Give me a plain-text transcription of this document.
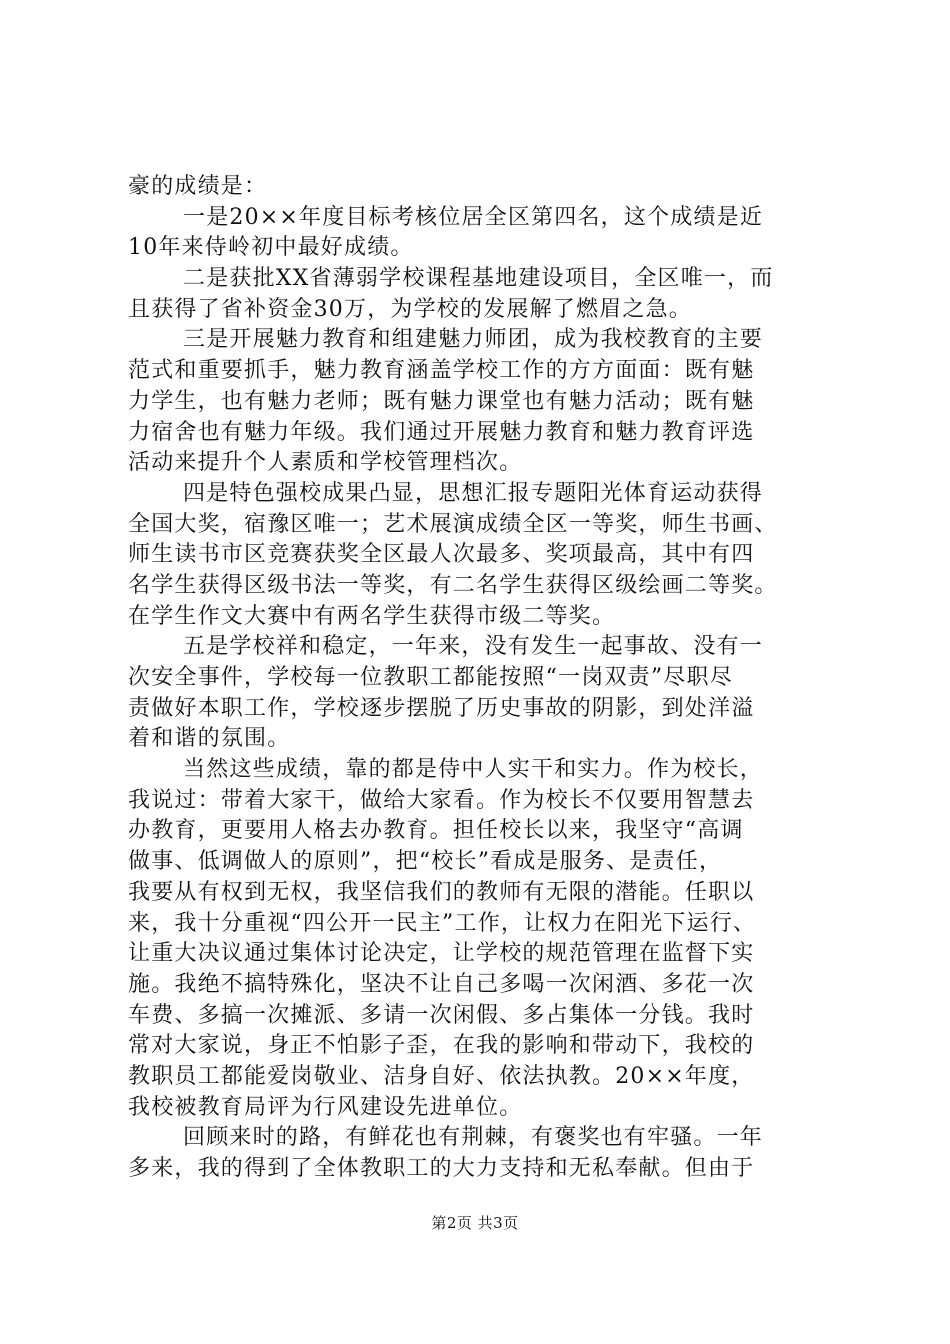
豪的成绩是：
一是20××年度目标考核位居全区第四名，这个成绩是近
10年来侍岭初中最好成绩。
二是获批XX省薄弱学校课程基地建设项目，全区唯一，而
且获得了省补资金30万，为学校的发展解了燃眉之急。
三是开展魅力教育和组建魅力师团，成为我校教育的主要
范式和重要抓手，魅力教育涵盖学校工作的方方面面：既有魅
力学生，也有魅力老师；既有魅力课堂也有魅力活动；既有魅
力宿舍也有魅力年级。我们通过开展魅力教育和魅力教育评选
活动来提升个人素质和学校管理档次。
四是特色强校成果凸显，思想汇报专题阳光体育运动获得
全国大奖，宿豫区唯一；艺术展演成绩全区一等奖，师生书画、
师生读书市区竞赛获奖全区最人次最多、奖项最高，其中有四
名学生获得区级书法一等奖，有二名学生获得区级绘画二等奖。
在学生作文大赛中有两名学生获得市级二等奖。
五是学校祥和稳定，一年来，没有发生一起事故、没有一
次安全事件，学校每一位教职工都能按照“一岗双责”尽职尽
责做好本职工作，学校逐步摆脱了历史事故的阴影，到处洋溢
着和谐的氛围。
当然这些成绩，靠的都是侍中人实干和实力。作为校长，
我说过：带着大家干，做给大家看。作为校长不仅要用智慧去
办教育，更要用人格去办教育。担任校长以来，我坚守“高调
做事、低调做人的原则”，把“校长”看成是服务、是责任，
我要从有权到无权，我坚信我们的教师有无限的潜能。任职以
来，我十分重视“四公开一民主”工作，让权力在阳光下运行、
让重大决议通过集体讨论决定，让学校的规范管理在监督下实
施。我绝不搞特殊化，坚决不让自己多喝一次闲酒、多花一次
车费、多搞一次摊派、多请一次闲假、多占集体一分钱。我时
常对大家说，身正不怕影子歪，在我的影响和带动下，我校的
教职员工都能爱岗敬业、洁身自好、依法执教。20××年度，
我校被教育局评为行风建设先进单位。
回顾来时的路，有鲜花也有荆棘，有褒奖也有牢骚。一年
多来，我的得到了全体教职工的大力支持和无私奉献。但由于
第2页 共3页
